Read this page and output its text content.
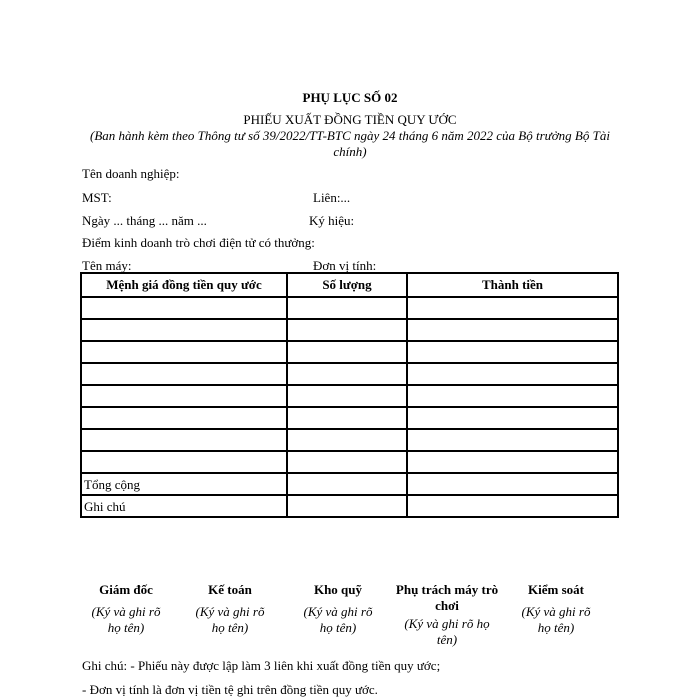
PHỤ LỤC SỐ 02
PHIẾU XUẤT ĐỒNG TIỀN QUY ƯỚC
(Ban hành kèm theo Thông tư số 39/2022/TT-BTC ngày 24 tháng 6 năm 2022 của Bộ trưởng Bộ Tài chính)
Tên doanh nghiệp:
MST:	Liên:...
Ngày ... tháng ... năm ...	Ký hiệu:
Điểm kinh doanh trò chơi điện tử có thưởng:
Tên máy:	Đơn vị tính:
Mệnh giá đồng tiền quy ước	Số lượng	Thành tiền

Tổng cộng		
Ghi chú		
Giám đốc
(Ký và ghi rõ họ tên)
Kế toán
(Ký và ghi rõ họ tên)
Kho quỹ
(Ký và ghi rõ họ tên)
Phụ trách máy trò chơi
(Ký và ghi rõ họ tên)
Kiểm soát
(Ký và ghi rõ họ tên)
Ghi chú: - Phiếu này được lập làm 3 liên khi xuất đồng tiền quy ước;
- Đơn vị tính là đơn vị tiền tệ ghi trên đồng tiền quy ước.
